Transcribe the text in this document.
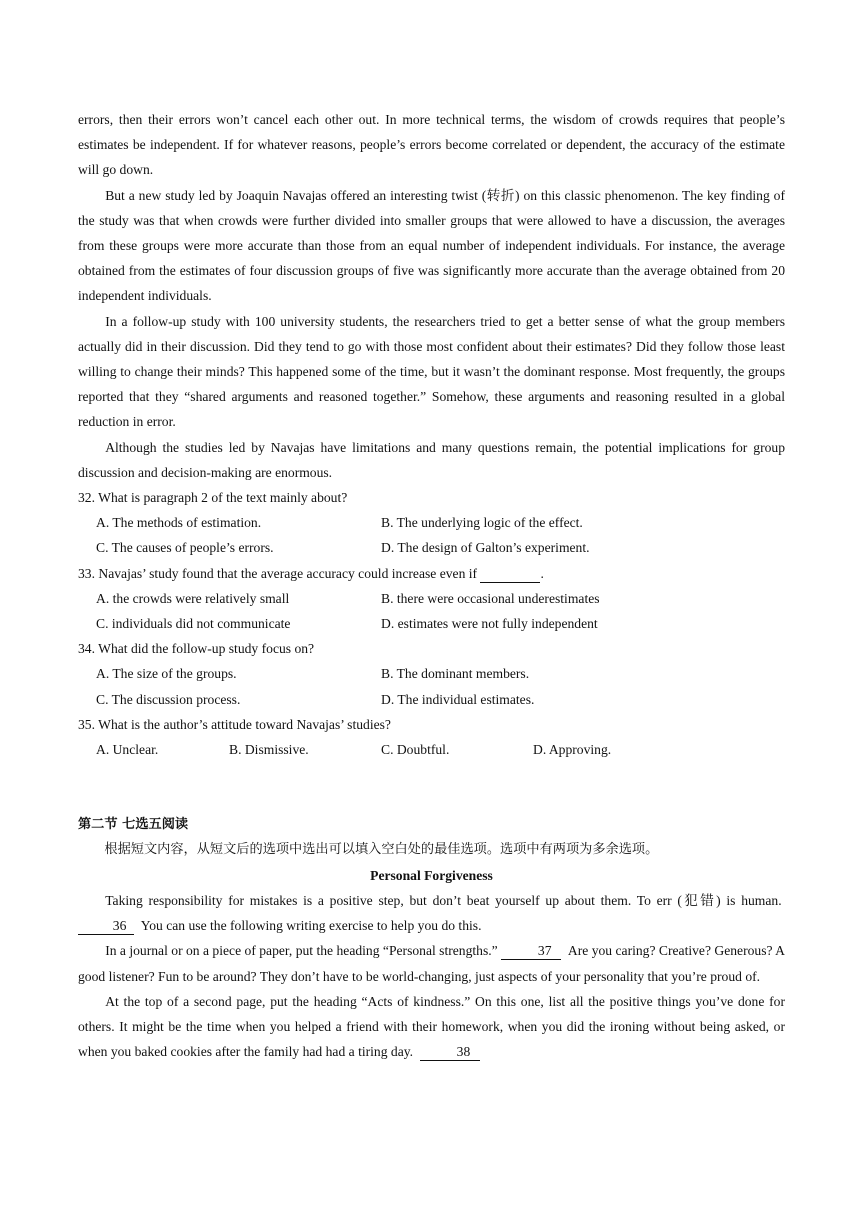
errors, then their errors won’t cancel each other out. In more technical terms, the wisdom of crowds requires that people’s estimates be independent. If for whatever reasons, people’s errors become correlated or dependent, the accuracy of the estimate will go down.

But a new study led by Joaquin Navajas offered an interesting twist (转折) on this classic phenomenon. The key finding of the study was that when crowds were further divided into smaller groups that were allowed to have a discussion, the averages from these groups were more accurate than those from an equal number of independent individuals. For instance, the average obtained from the estimates of four discussion groups of five was significantly more accurate than the average obtained from 20 independent individuals.

In a follow-up study with 100 university students, the researchers tried to get a better sense of what the group members actually did in their discussion. Did they tend to go with those most confident about their estimates? Did they follow those least willing to change their minds? This happened some of the time, but it wasn’t the dominant response. Most frequently, the groups reported that they “shared arguments and reasoned together.” Somehow, these arguments and reasoning resulted in a global reduction in error.

Although the studies led by Navajas have limitations and many questions remain, the potential implications for group discussion and decision-making are enormous.

32. What is paragraph 2 of the text mainly about?

A. The methods of estimation.	B. The underlying logic of the effect.
C. The causes of people’s errors.	D. The design of Galton’s experiment.

33. Navajas’ study found that the average accuracy could increase even if	.

A. the crowds were relatively small	B. there were occasional underestimates
C. individuals did not communicate	D. estimates were not fully independent

34. What did the follow-up study focus on?

A. The size of the groups.	B. The dominant members.
C. The discussion process.	D. The individual estimates.

35. What is the author’s attitude toward Navajas’ studies?

A. Unclear.	B. Dismissive.	C. Doubtful.	D. Approving.

第二节 七选五阅读

根据短文内容，从短文后的选项中选出可以填入空白处的最佳选项。选项中有两项为多余选项。

Personal Forgiveness

Taking responsibility for mistakes is a positive step, but don’t beat yourself up about them. To err (犯错) is human. 36 You can use the following writing exercise to help you do this.

In a journal or on a piece of paper, put the heading “Personal strengths.”	37 Are you caring? Creative? Generous? A good listener? Fun to be around? They don’t have to be world-changing, just aspects of your personality that you’re proud of.

At the top of a second page, put the heading “Acts of kindness.” On this one, list all the positive things you’ve done for others. It might be the time when you helped a friend with their homework, when you did the ironing without being asked, or when you baked cookies after the family had had a tiring day.	38
